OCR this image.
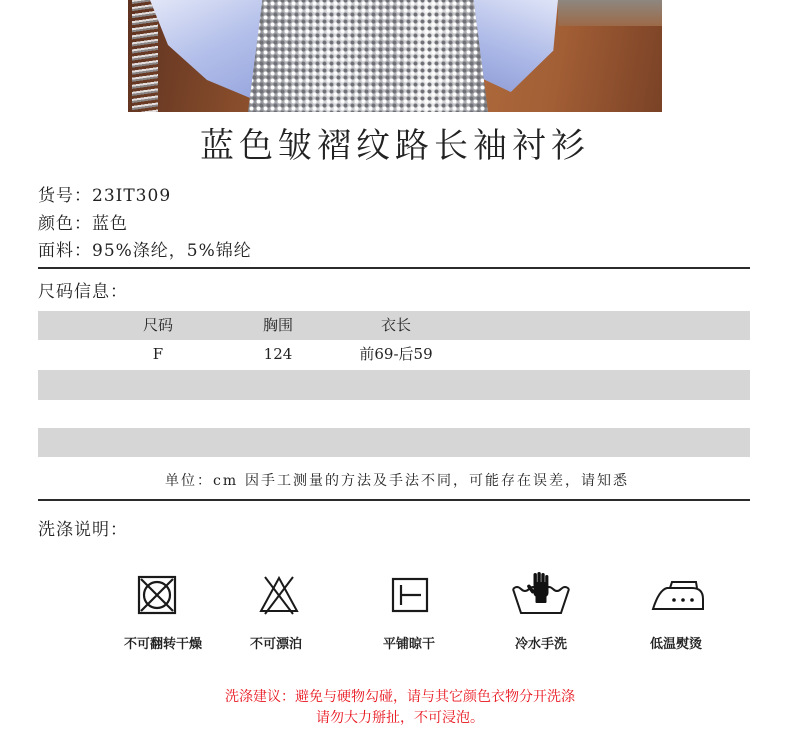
蓝色皱褶纹路长袖衬衫
货号：23IT309
颜色：蓝色
面料：95%涤纶，5%锦纶
尺码信息：
尺码	胸围	衣长
F	124	前69-后59
单位：cm 因手工测量的方法及手法不同，可能存在误差，请知悉
洗涤说明：
不可翻转干燥	不可漂泊	平铺晾干	冷水手洗	低温熨烫
洗涤建议：避免与硬物勾碰，请与其它颜色衣物分开洗涤
请勿大力掰扯，不可浸泡。
